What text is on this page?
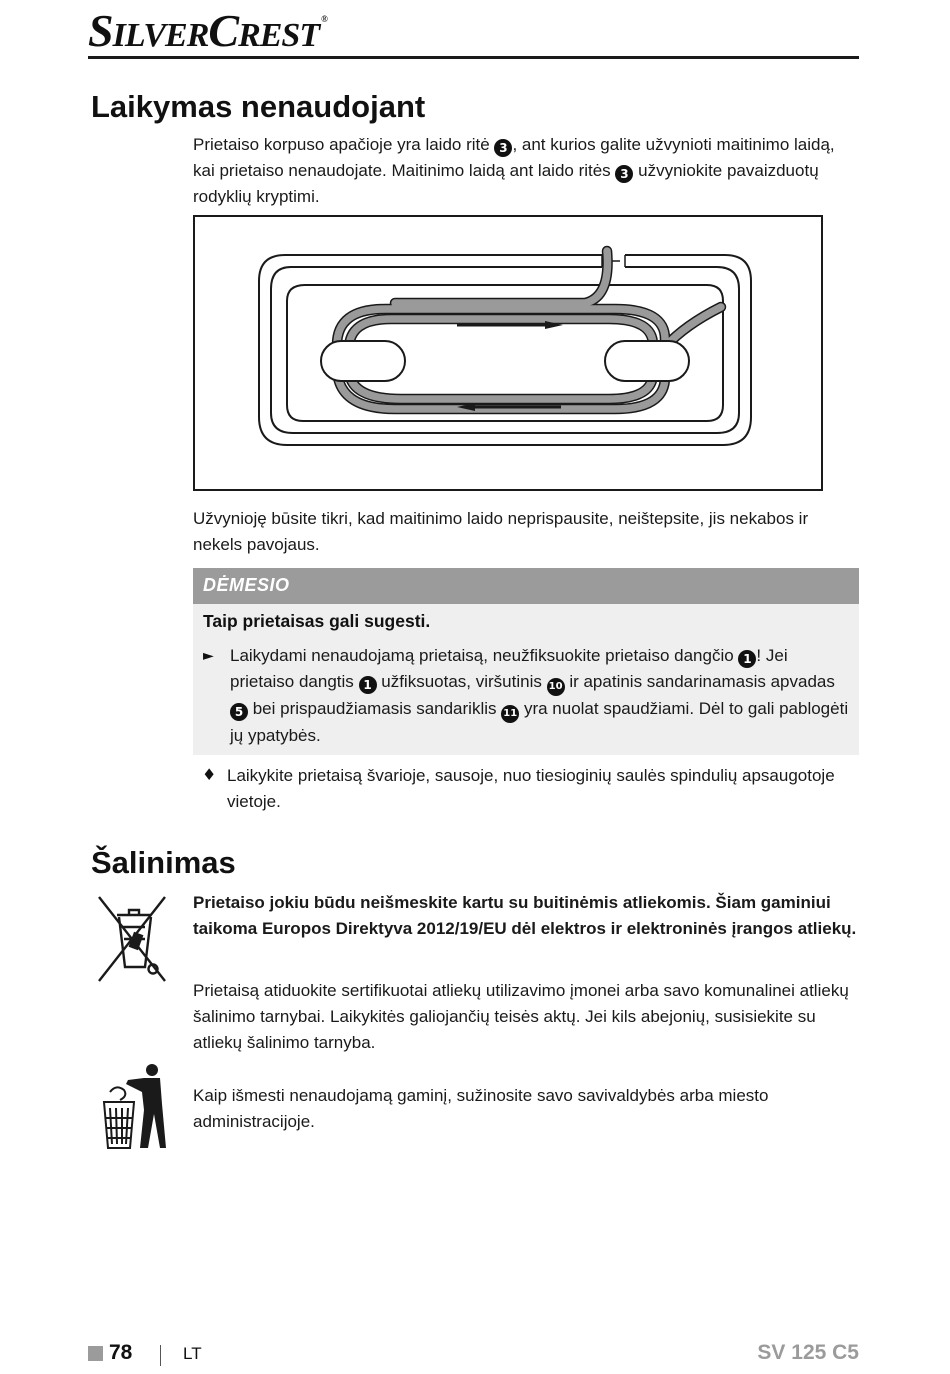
SILVERCREST ®
Laikymas nenaudojant
Prietaiso korpuso apačioje yra laido ritė 3 , ant kurios galite užvynioti maitinimo laidą, kai prietaiso nenaudojate. Maitinimo laidą ant laido ritės 3 užvyniokite pavaizduotų rodyklių kryptimi.
Užvynioję būsite tikri, kad maitinimo laido neprispausite, neištepsite, jis nekabos ir nekels pavojaus.
DĖMESIO
Taip prietaisas gali sugesti.
► Laikydami nenaudojamą prietaisą, neužfiksuokite prietaiso dangčio 1 ! Jei prietaiso dangtis 1 užfiksuotas, viršutinis 10 ir apatinis sandarinamasis apvadas 5 bei prispaudžiamasis sandariklis 11 yra nuolat spaudžiami. Dėl to gali pablogėti jų ypatybės.
♦ Laikykite prietaisą švarioje, sausoje, nuo tiesioginių saulės spindulių apsaugotoje vietoje.
Šalinimas
Prietaiso jokiu būdu neišmeskite kartu su buitinėmis atliekomis. Šiam gaminiui taikoma Europos Direktyva 2012/19/EU dėl elektros ir elektroninės įrangos atliekų.
Prietaisą atiduokite sertifikuotai atliekų utilizavimo įmonei arba savo komunalinei atliekų šalinimo tarnybai. Laikykitės galiojančių teisės aktų. Jei kils abejonių, susisiekite su atliekų šalinimo tarnyba.
Kaip išmesti nenaudojamą gaminį, sužinosite savo savivaldybės arba miesto administracijoje.
78	LT	SV 125 C5
